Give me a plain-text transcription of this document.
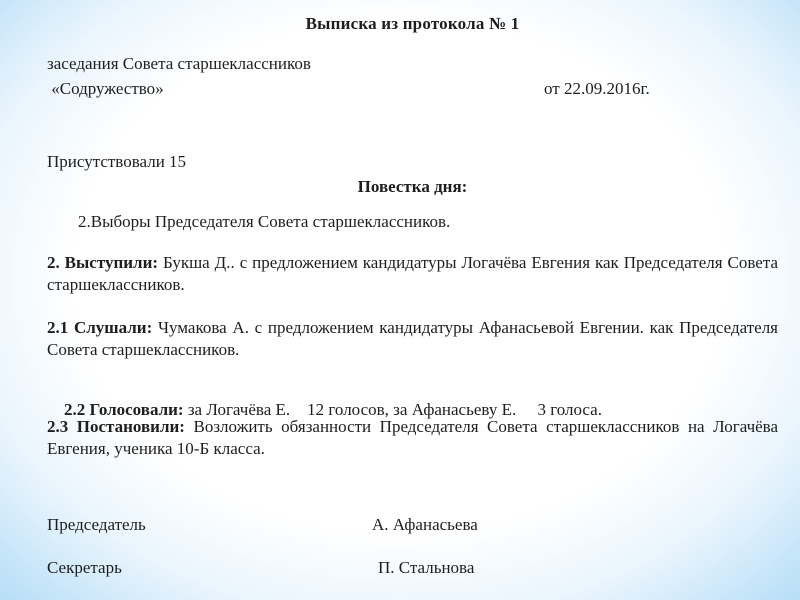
Выписка из протокола № 1
заседания Совета старшеклассников
«Содружество»	от 22.09.2016г.
Присутствовали 15
Повестка дня:
2.Выборы Председателя Совета старшеклассников.
2. Выступили: Букша Д.. с предложением кандидатуры Логачёва Евгения как Председателя Совета старшеклассников.
2.1 Слушали: Чумакова А. с предложением кандидатуры Афанасьевой Евгении. как Председателя Совета старшеклассников.

2.2 Голосовали: за Логачёва Е.    12 голосов, за Афанасьеву Е.     3 голоса.

2.3 Постановили: Возложить обязанности Председателя Совета старшеклассников на Логачёва Евгения, ученика 10-Б класса.
Председатель	А. Афанасьева
Секретарь	П. Стальнова
